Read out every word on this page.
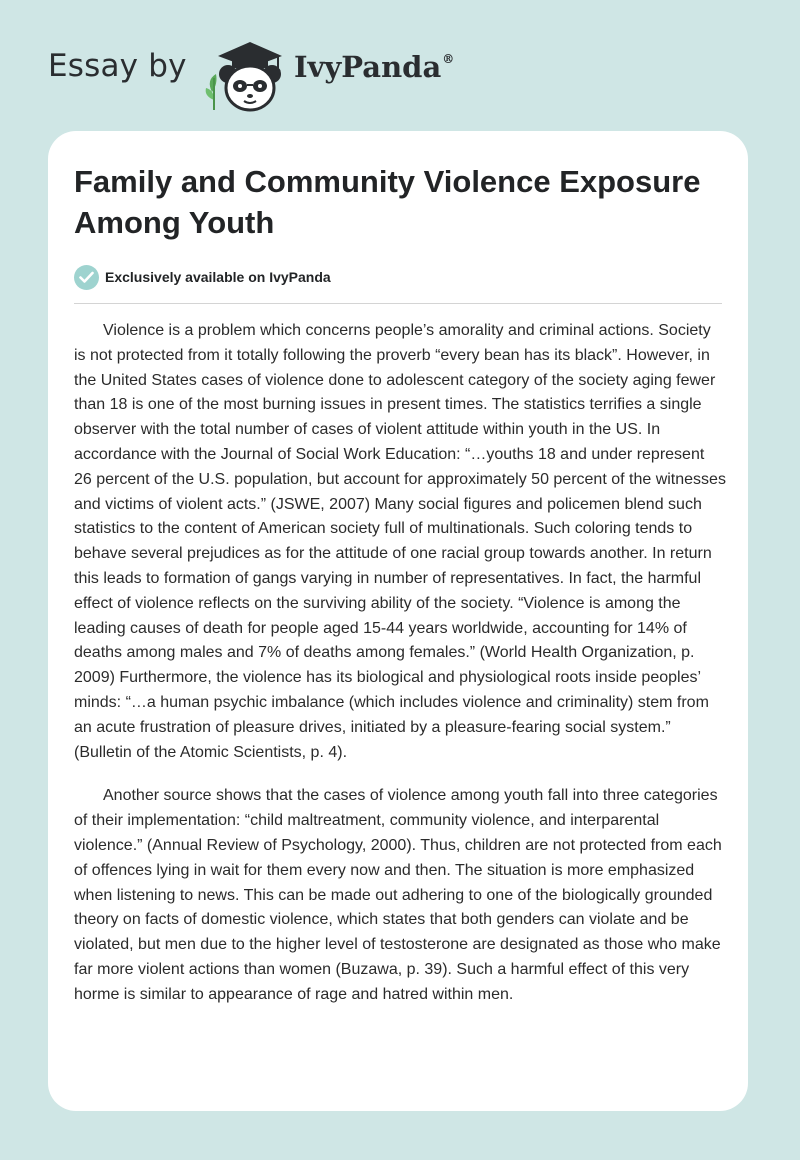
Essay by	IvyPanda®
Family and Community Violence Exposure Among Youth
Exclusively available on IvyPanda

Violence is a problem which concerns people’s amorality and criminal actions. Society is not protected from it totally following the proverb “every bean has its black”. However, in the United States cases of violence done to adolescent category of the society aging fewer than 18 is one of the most burning issues in present times. The statistics terrifies a single observer with the total number of cases of violent attitude within youth in the US. In accordance with the Journal of Social Work Education: “…youths 18 and under represent 26 percent of the U.S. population, but account for approximately 50 percent of the witnesses and victims of violent acts.” (JSWE, 2007) Many social figures and policemen blend such statistics to the content of American society full of multinationals. Such coloring tends to behave several prejudices as for the attitude of one racial group towards another. In return this leads to formation of gangs varying in number of representatives. In fact, the harmful effect of violence reflects on the surviving ability of the society. “Violence is among the leading causes of death for people aged 15-44 years worldwide, accounting for 14% of deaths among males and 7% of deaths among females.” (World Health Organization, p. 2009) Furthermore, the violence has its biological and physiological roots inside peoples’ minds: “…a human psychic imbalance (which includes violence and criminality) stem from an acute frustration of pleasure drives, initiated by a pleasure-fearing social system.” (Bulletin of the Atomic Scientists, p. 4).

Another source shows that the cases of violence among youth fall into three categories of their implementation: “child maltreatment, community violence, and interparental violence.” (Annual Review of Psychology, 2000). Thus, children are not protected from each of offences lying in wait for them every now and then. The situation is more emphasized when listening to news. This can be made out adhering to one of the biologically grounded theory on facts of domestic violence, which states that both genders can violate and be violated, but men due to the higher level of testosterone are designated as those who make far more violent actions than women (Buzawa, p. 39). Such a harmful effect of this very horme is similar to appearance of rage and hatred within men.
